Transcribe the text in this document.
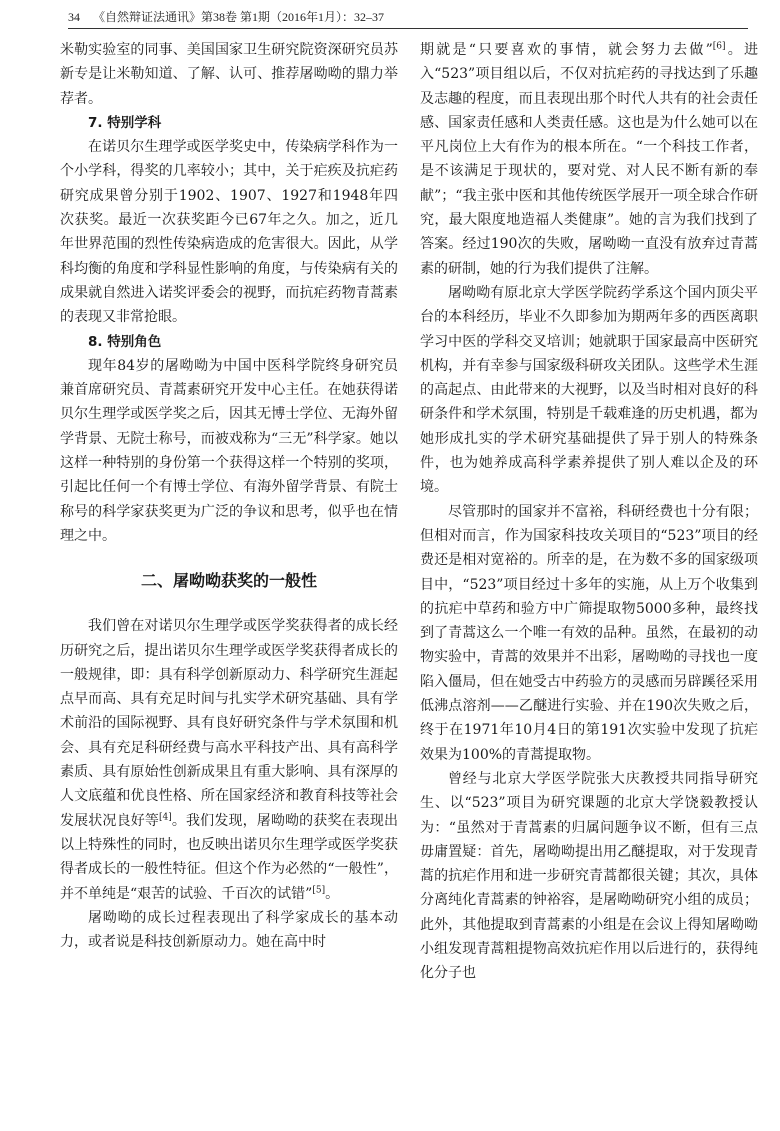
34 《自然辩证法通讯》第38卷 第1期（2016年1月）：32–37

米勒实验室的同事、美国国家卫生研究院资深研究员苏新专是让米勒知道、了解、认可、推荐屠呦呦的鼎力举荐者。

7. 特别学科

在诺贝尔生理学或医学奖史中，传染病学科作为一个小学科，得奖的几率较小；其中，关于疟疾及抗疟药研究成果曾分别于1902、1907、1927和1948年四次获奖。最近一次获奖距今已67年之久。加之，近几年世界范围的烈性传染病造成的危害很大。因此，从学科均衡的角度和学科显性影响的角度，与传染病有关的成果就自然进入诺奖评委会的视野，而抗疟药物青蒿素的表现又非常抢眼。

8. 特别角色

现年84岁的屠呦呦为中国中医科学院终身研究员兼首席研究员、青蒿素研究开发中心主任。在她获得诺贝尔生理学或医学奖之后，因其无博士学位、无海外留学背景、无院士称号，而被戏称为“三无”科学家。她以这样一种特别的身份第一个获得这样一个特别的奖项，引起比任何一个有博士学位、有海外留学背景、有院士称号的科学家获奖更为广泛的争议和思考，似乎也在情理之中。

二、屠呦呦获奖的一般性

我们曾在对诺贝尔生理学或医学奖获得者的成长经历研究之后，提出诺贝尔生理学或医学奖获得者成长的一般规律，即：具有科学创新原动力、科学研究生涯起点早而高、具有充足时间与扎实学术研究基础、具有学术前沿的国际视野、具有良好研究条件与学术氛围和机会、具有充足科研经费与高水平科技产出、具有高科学素质、具有原始性创新成果且有重大影响、具有深厚的人文底蕴和优良性格、所在国家经济和教育科技等社会发展状况良好等[4]。我们发现，屠呦呦的获奖在表现出以上特殊性的同时，也反映出诺贝尔生理学或医学奖获得者成长的一般性特征。但这个作为必然的“一般性”，并不单纯是“艰苦的试验、千百次的试错”[5]。

屠呦呦的成长过程表现出了科学家成长的基本动力，或者说是科技创新原动力。她在高中时

期就是“只要喜欢的事情，就会努力去做”[6]。进入“523”项目组以后，不仅对抗疟药的寻找达到了乐趣及志趣的程度，而且表现出那个时代人共有的社会责任感、国家责任感和人类责任感。这也是为什么她可以在平凡岗位上大有作为的根本所在。“一个科技工作者，是不该满足于现状的，要对党、对人民不断有新的奉献”；“我主张中医和其他传统医学展开一项全球合作研究，最大限度地造福人类健康”。她的言为我们找到了答案。经过190次的失败，屠呦呦一直没有放弃过青蒿素的研制，她的行为我们提供了注解。

屠呦呦有原北京大学医学院药学系这个国内顶尖平台的本科经历，毕业不久即参加为期两年多的西医离职学习中医的学科交叉培训；她就职于国家最高中医研究机构，并有幸参与国家级科研攻关团队。这些学术生涯的高起点、由此带来的大视野，以及当时相对良好的科研条件和学术氛围，特别是千载难逢的历史机遇，都为她形成扎实的学术研究基础提供了异于别人的特殊条件，也为她养成高科学素养提供了别人难以企及的环境。

尽管那时的国家并不富裕，科研经费也十分有限；但相对而言，作为国家科技攻关项目的“523”项目的经费还是相对宽裕的。所幸的是，在为数不多的国家级项目中，“523”项目经过十多年的实施，从上万个收集到的抗疟中草药和验方中广筛提取物5000多种，最终找到了青蒿这么一个唯一有效的品种。虽然，在最初的动物实验中，青蒿的效果并不出彩，屠呦呦的寻找也一度陷入僵局，但在她受古中药验方的灵感而另辟蹊径采用低沸点溶剂——乙醚进行实验、并在190次失败之后，终于在1971年10月4日的第191次实验中发现了抗疟效果为100%的青蒿提取物。

曾经与北京大学医学院张大庆教授共同指导研究生、以“523”项目为研究课题的北京大学饶毅教授认为：“虽然对于青蒿素的归属问题争议不断，但有三点毋庸置疑：首先，屠呦呦提出用乙醚提取，对于发现青蒿的抗疟作用和进一步研究青蒿都很关键；其次，具体分离纯化青蒿素的钟裕容，是屠呦呦研究小组的成员；此外，其他提取到青蒿素的小组是在会议上得知屠呦呦小组发现青蒿粗提物高效抗疟作用以后进行的，获得纯化分子也
